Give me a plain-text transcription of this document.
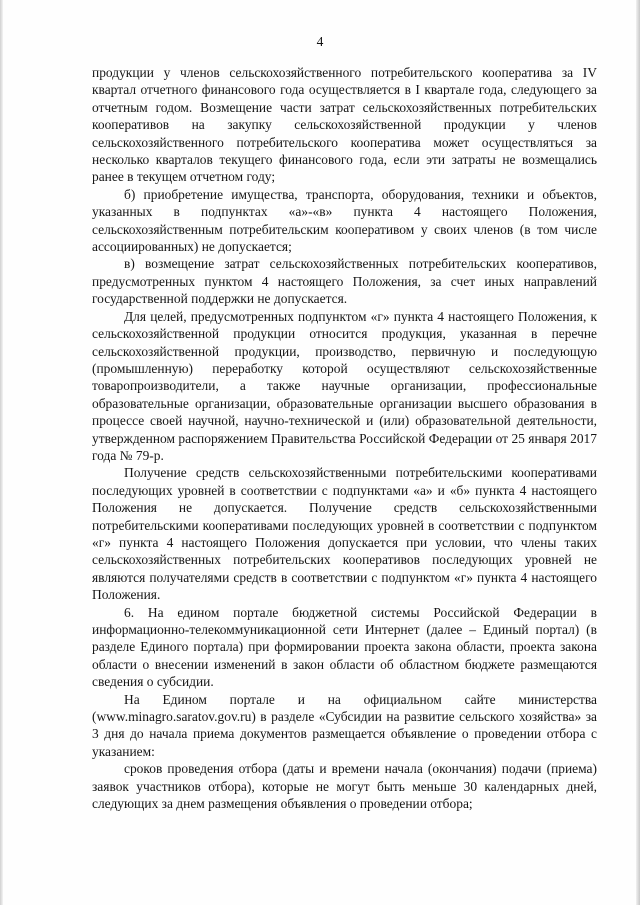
4

продукции у членов сельскохозяйственного потребительского кооператива за IV квартал отчетного финансового года осуществляется в I квартале года, следующего за отчетным годом. Возмещение части затрат сельскохозяйственных потребительских кооперативов на закупку сельскохозяйственной продукции у членов сельскохозяйственного потребительского кооператива может осуществляться за несколько кварталов текущего финансового года, если эти затраты не возмещались ранее в текущем отчетном году;

б) приобретение имущества, транспорта, оборудования, техники и объектов, указанных в подпунктах «а»-«в» пункта 4 настоящего Положения, сельскохозяйственным потребительским кооперативом у своих членов (в том числе ассоциированных) не допускается;

в) возмещение затрат сельскохозяйственных потребительских кооперативов, предусмотренных пунктом 4 настоящего Положения, за счет иных направлений государственной поддержки не допускается.

Для целей, предусмотренных подпунктом «г» пункта 4 настоящего Положения, к сельскохозяйственной продукции относится продукция, указанная в перечне сельскохозяйственной продукции, производство, первичную и последующую (промышленную) переработку которой осуществляют сельскохозяйственные товаропроизводители, а также научные организации, профессиональные образовательные организации, образовательные организации высшего образования в процессе своей научной, научно-технической и (или) образовательной деятельности, утвержденном распоряжением Правительства Российской Федерации от 25 января 2017 года № 79-р.

Получение средств сельскохозяйственными потребительскими кооперативами последующих уровней в соответствии с подпунктами «а» и «б» пункта 4 настоящего Положения не допускается. Получение средств сельскохозяйственными потребительскими кооперативами последующих уровней в соответствии с подпунктом «г» пункта 4 настоящего Положения допускается при условии, что члены таких сельскохозяйственных потребительских кооперативов последующих уровней не являются получателями средств в соответствии с подпунктом «г» пункта 4 настоящего Положения.

6. На едином портале бюджетной системы Российской Федерации в информационно-телекоммуникационной сети Интернет (далее – Единый портал) (в разделе Единого портала) при формировании проекта закона области, проекта закона области о внесении изменений в закон области об областном бюджете размещаются сведения о субсидии.

На Едином портале и на официальном сайте министерства (www.minagro.saratov.gov.ru) в разделе «Субсидии на развитие сельского хозяйства» за 3 дня до начала приема документов размещается объявление о проведении отбора с указанием:

сроков проведения отбора (даты и времени начала (окончания) подачи (приема) заявок участников отбора), которые не могут быть меньше 30 календарных дней, следующих за днем размещения объявления о проведении отбора;
